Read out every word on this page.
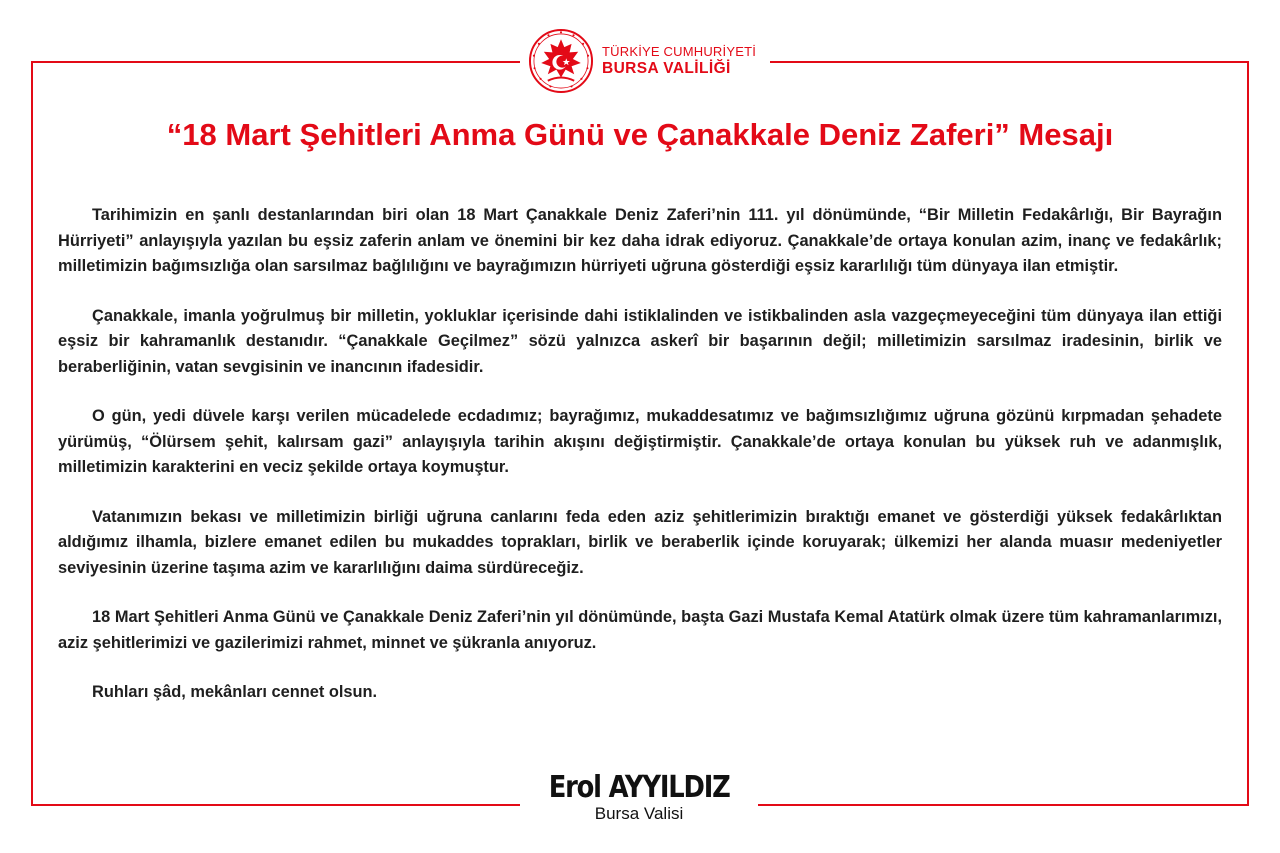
TÜRKİYE CUMHURİYETİ
BURSA VALİLİĞİ
“18 Mart Şehitleri Anma Günü ve Çanakkale Deniz Zaferi” Mesajı

Tarihimizin en şanlı destanlarından biri olan 18 Mart Çanakkale Deniz Zaferi’nin 111. yıl dönümünde, “Bir Milletin Fedakârlığı, Bir Bayrağın Hürriyeti” anlayışıyla yazılan bu eşsiz zaferin anlam ve önemini bir kez daha idrak ediyoruz. Çanakkale’de ortaya konulan azim, inanç ve fedakârlık; milletimizin bağımsızlığa olan sarsılmaz bağlılığını ve bayrağımızın hürriyeti uğruna gösterdiği eşsiz kararlılığı tüm dünyaya ilan etmiştir.

Çanakkale, imanla yoğrulmuş bir milletin, yokluklar içerisinde dahi istiklalinden ve istikbalinden asla vazgeçmeyeceğini tüm dünyaya ilan ettiği eşsiz bir kahramanlık destanıdır. “Çanakkale Geçilmez” sözü yalnızca askerî bir başarının değil; milletimizin sarsılmaz iradesinin, birlik ve beraberliğinin, vatan sevgisinin ve inancının ifadesidir.

O gün, yedi düvele karşı verilen mücadelede ecdadımız; bayrağımız, mukaddesatımız ve bağımsızlığımız uğruna gözünü kırpmadan şehadete yürümüş, “Ölürsem şehit, kalırsam gazi” anlayışıyla tarihin akışını değiştirmiştir. Çanakkale’de ortaya konulan bu yüksek ruh ve adanmışlık, milletimizin karakterini en veciz şekilde ortaya koymuştur.

Vatanımızın bekası ve milletimizin birliği uğruna canlarını feda eden aziz şehitlerimizin bıraktığı emanet ve gösterdiği yüksek fedakârlıktan aldığımız ilhamla, bizlere emanet edilen bu mukaddes toprakları, birlik ve beraberlik içinde koruyarak; ülkemizi her alanda muasır medeniyetler seviyesinin üzerine taşıma azim ve kararlılığını daima sürdüreceğiz.

18 Mart Şehitleri Anma Günü ve Çanakkale Deniz Zaferi’nin yıl dönümünde, başta Gazi Mustafa Kemal Atatürk olmak üzere tüm kahramanlarımızı, aziz şehitlerimizi ve gazilerimizi rahmet, minnet ve şükranla anıyoruz.

Ruhları şâd, mekânları cennet olsun.

Erol AYYILDIZ
Bursa Valisi
